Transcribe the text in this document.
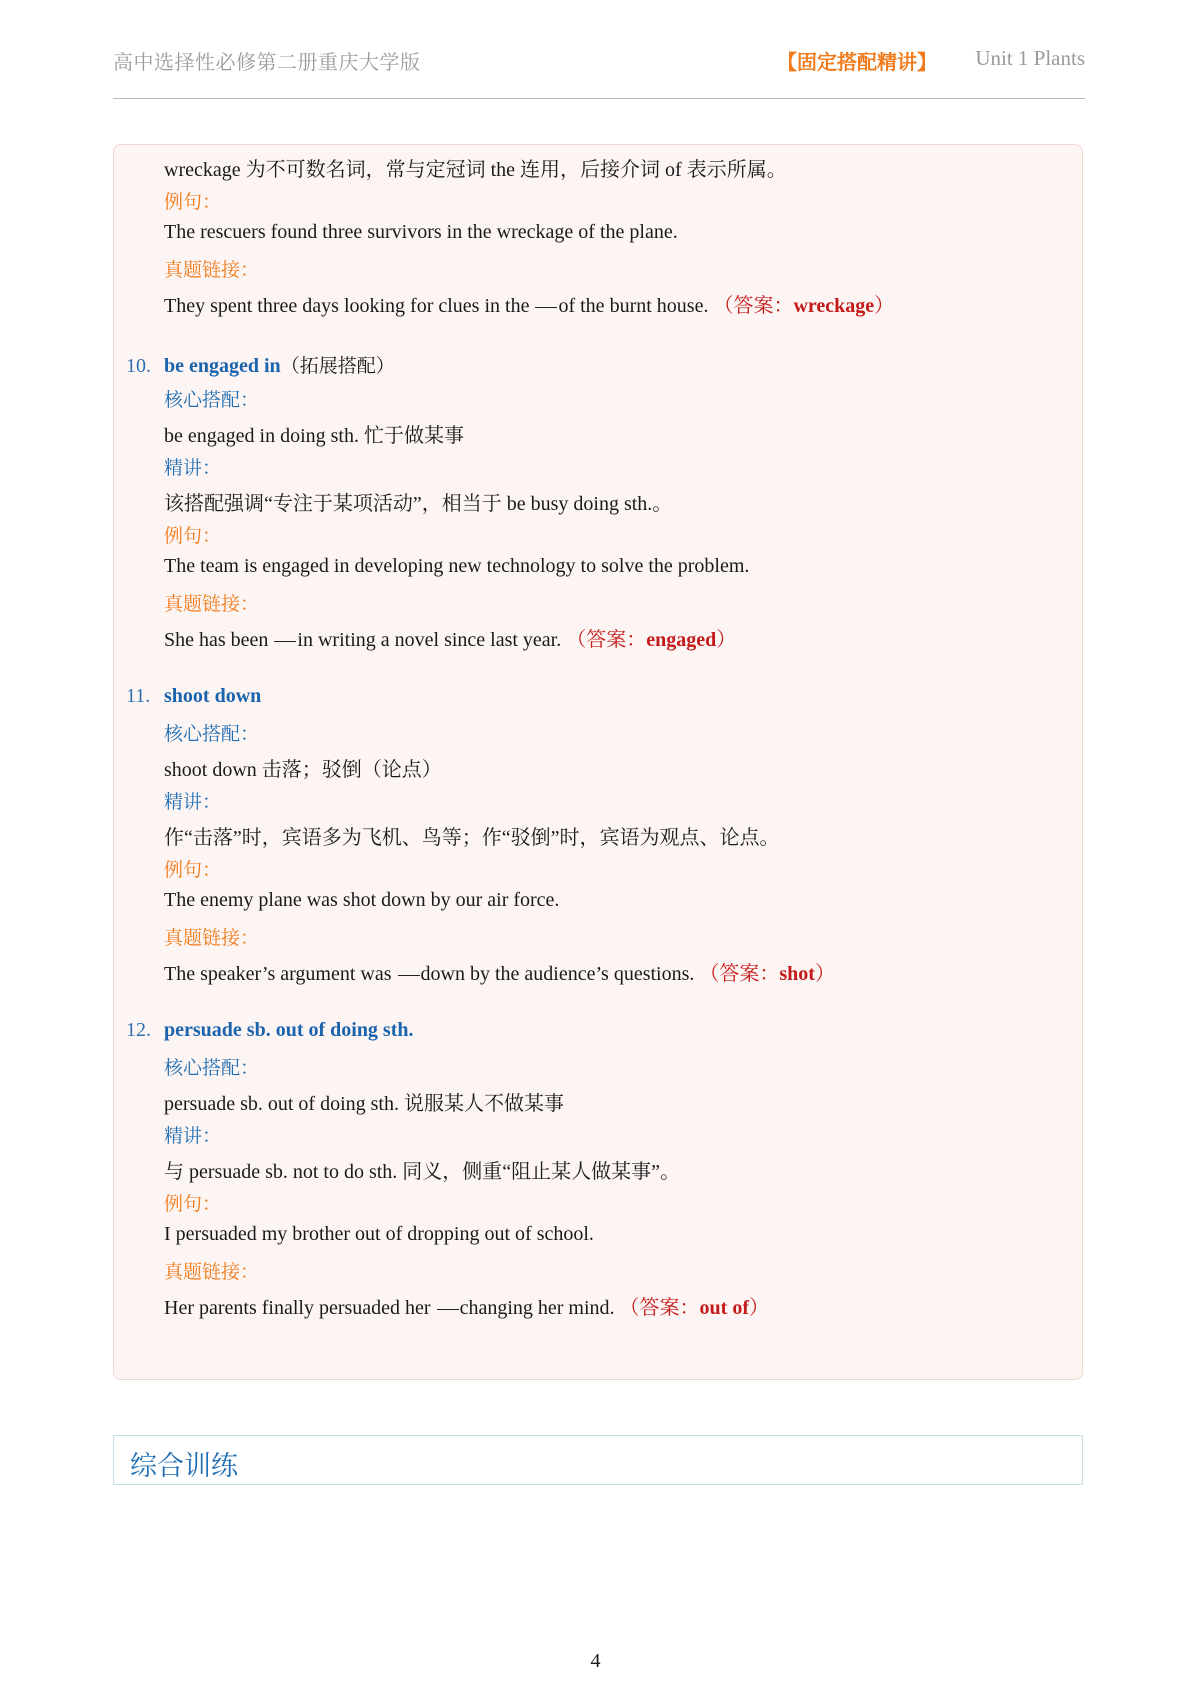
高中选择性必修第二册重庆大学版	【固定搭配精讲】 Unit 1 Plants
wreckage 为不可数名词，常与定冠词 the 连用，后接介词 of 表示所属。
例句：
The rescuers found three survivors in the wreckage of the plane.
真题链接：
They spent three days looking for clues in the of the burnt house. （答案：wreckage）
10. be engaged in（拓展搭配）
核心搭配：
be engaged in doing sth. 忙于做某事
精讲：
该搭配强调“专注于某项活动”，相当于 be busy doing sth.。
例句：
The team is engaged in developing new technology to solve the problem.
真题链接：
She has been in writing a novel since last year. （答案：engaged）
11. shoot down
核心搭配：
shoot down 击落；驳倒（论点）
精讲：
作“击落”时，宾语多为飞机、鸟等；作“驳倒”时，宾语为观点、论点。
例句：
The enemy plane was shot down by our air force.
真题链接：
The speaker’s argument was down by the audience’s questions. （答案：shot）
12. persuade sb. out of doing sth.
核心搭配：
persuade sb. out of doing sth. 说服某人不做某事
精讲：
与 persuade sb. not to do sth. 同义，侧重“阻止某人做某事”。
例句：
I persuaded my brother out of dropping out of school.
真题链接：
Her parents finally persuaded her changing her mind. （答案：out of）
综合训练
4
